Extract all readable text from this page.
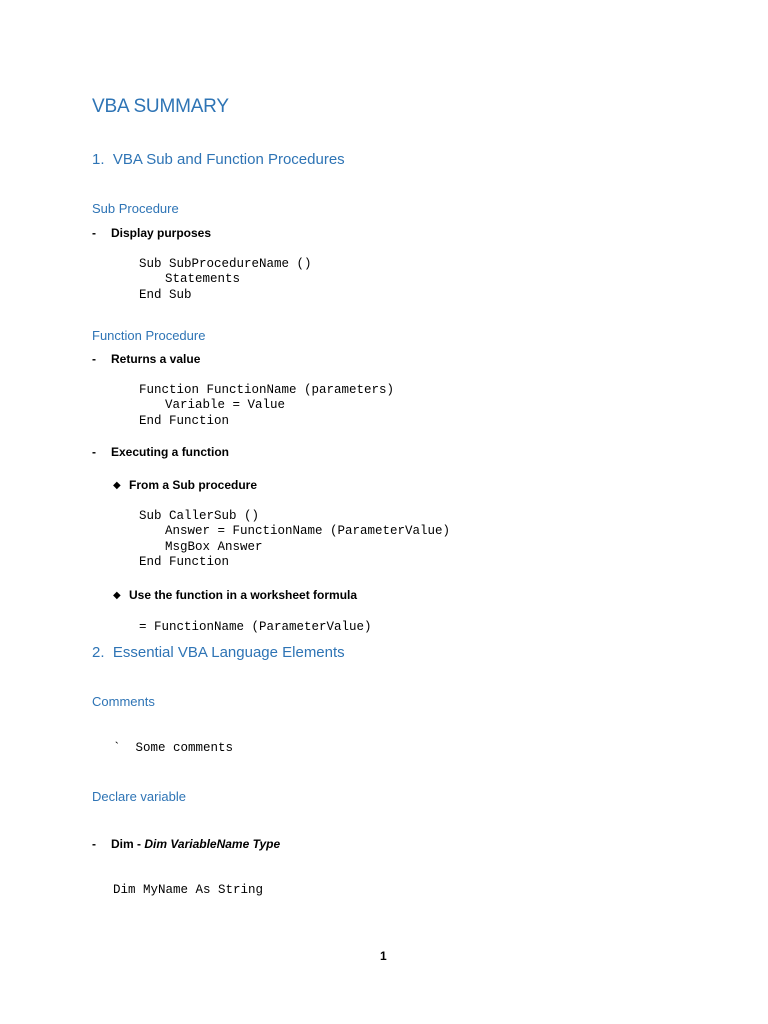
VBA SUMMARY
1.  VBA Sub and Function Procedures
Sub Procedure
- Display purposes
Sub SubProcedureName ()
Statements
End Sub
Function Procedure
- Returns a value
Function FunctionName (parameters)
Variable = Value
End Function
- Executing a function
◆ From a Sub procedure
Sub CallerSub ()
Answer = FunctionName (ParameterValue)
MsgBox Answer
End Function
◆ Use the function in a worksheet formula
= FunctionName (ParameterValue)
2.  Essential VBA Language Elements
Comments
`  Some comments
Declare variable
- Dim - Dim VariableName Type
Dim MyName As String
1
